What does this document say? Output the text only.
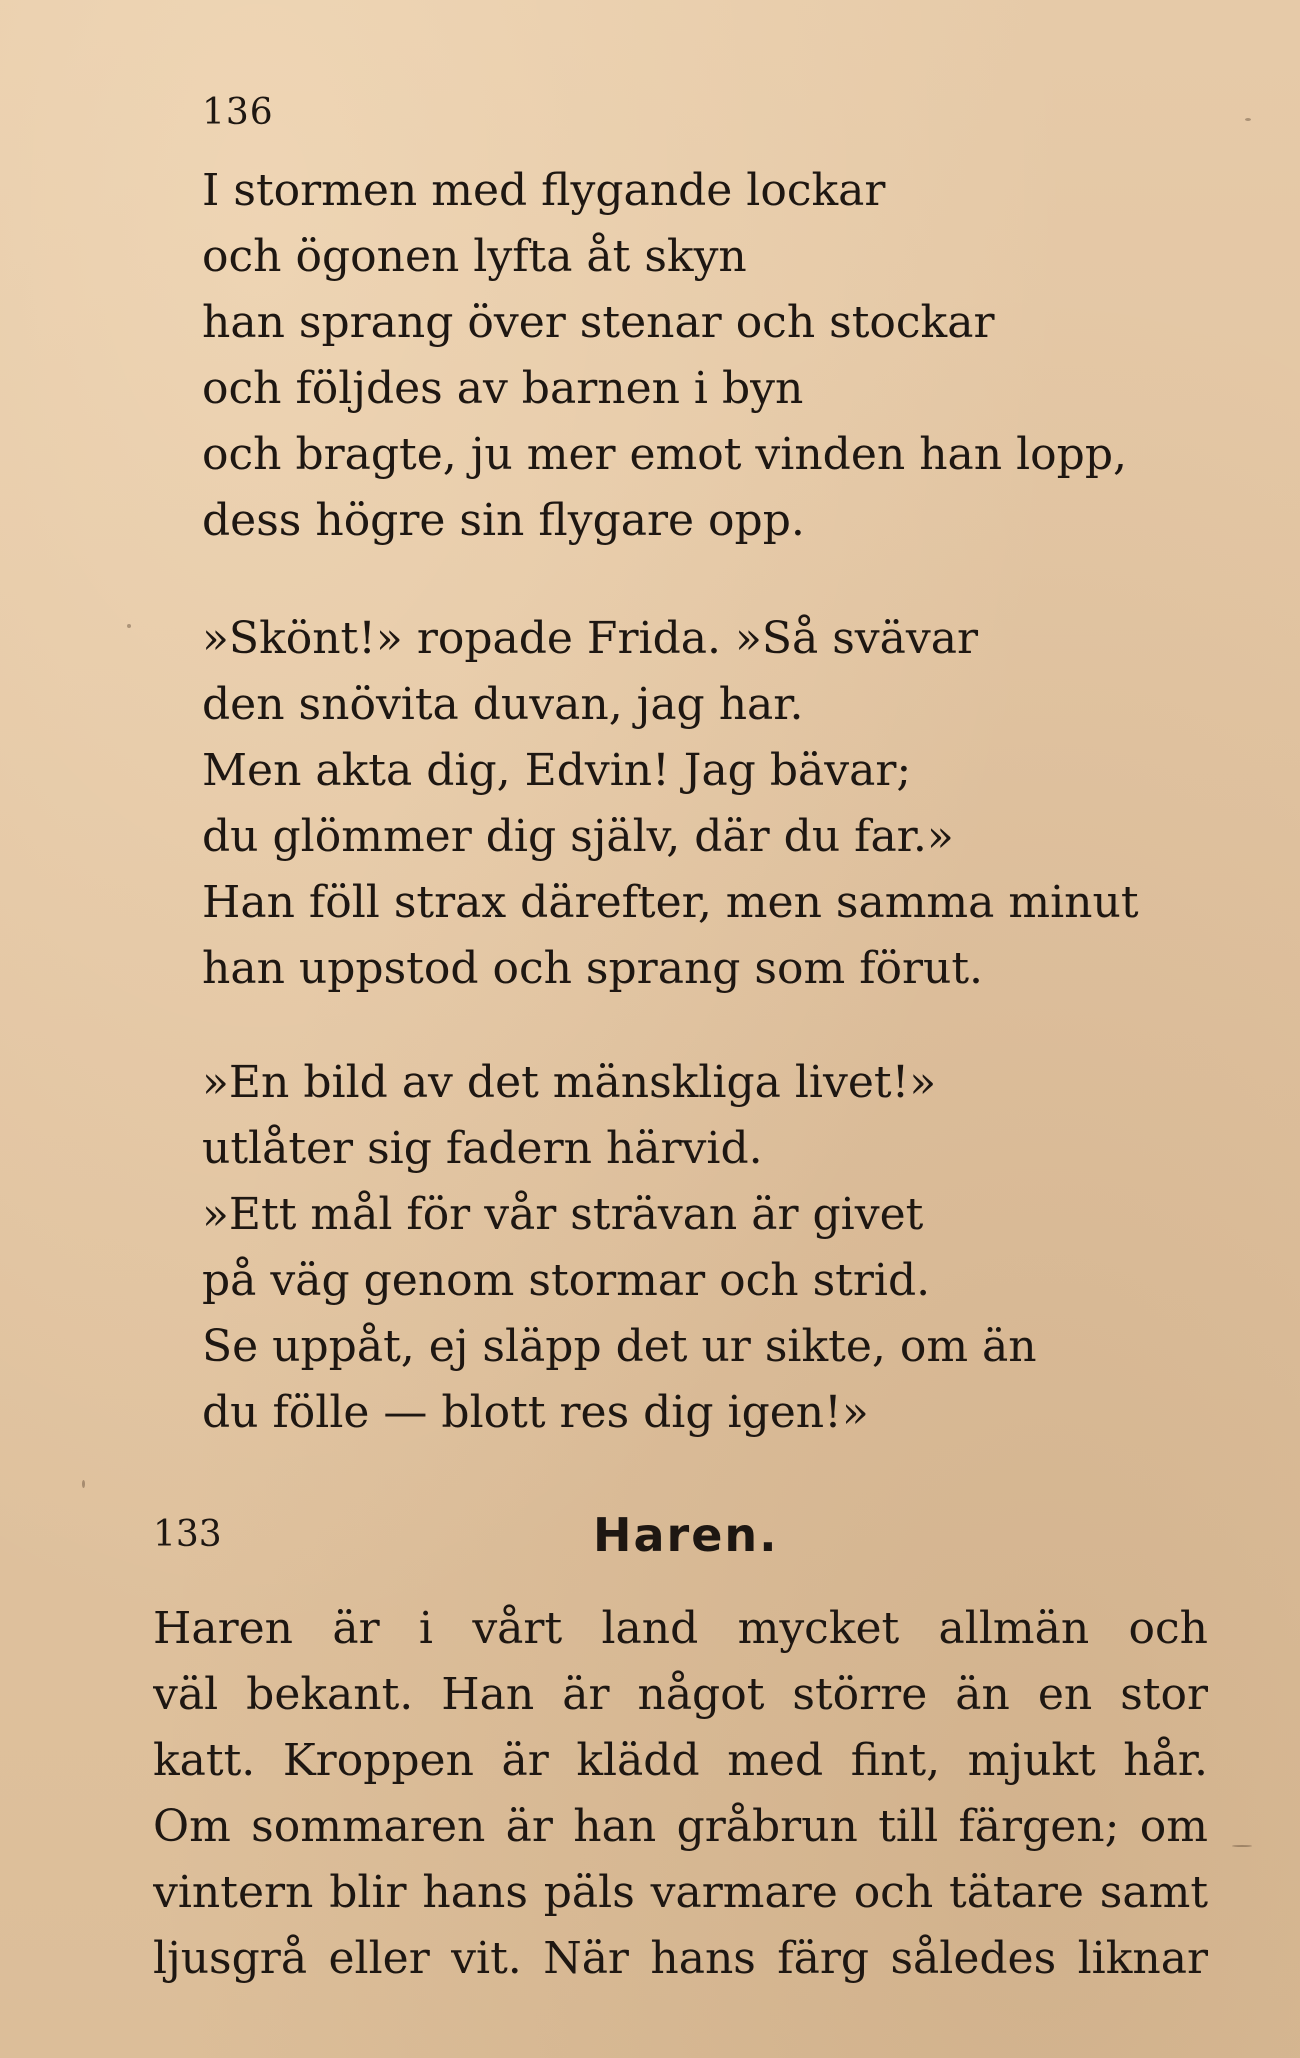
136
I stormen med flygande lockar
och ögonen lyfta åt skyn
han sprang över stenar och stockar
och följdes av barnen i byn
och bragte, ju mer emot vinden han lopp,
dess högre sin flygare opp.
»Skönt!» ropade Frida. »Så svävar
den snövita duvan, jag har.
Men akta dig, Edvin! Jag bävar;
du glömmer dig själv, där du far.»
Han föll strax därefter, men samma minut
han uppstod och sprang som förut.
»En bild av det mänskliga livet!»
utlåter sig fadern härvid.
»Ett mål för vår strävan är givet
på väg genom stormar och strid.
Se uppåt, ej släpp det ur sikte, om än
du fölle — blott res dig igen!»
133	Haren.
Haren är i vårt land mycket allmän och
väl bekant. Han är något större än en stor
katt. Kroppen är klädd med fint, mjukt hår.
Om sommaren är han gråbrun till färgen; om
vintern blir hans päls varmare och tätare samt
ljusgrå eller vit. När hans färg således liknar
